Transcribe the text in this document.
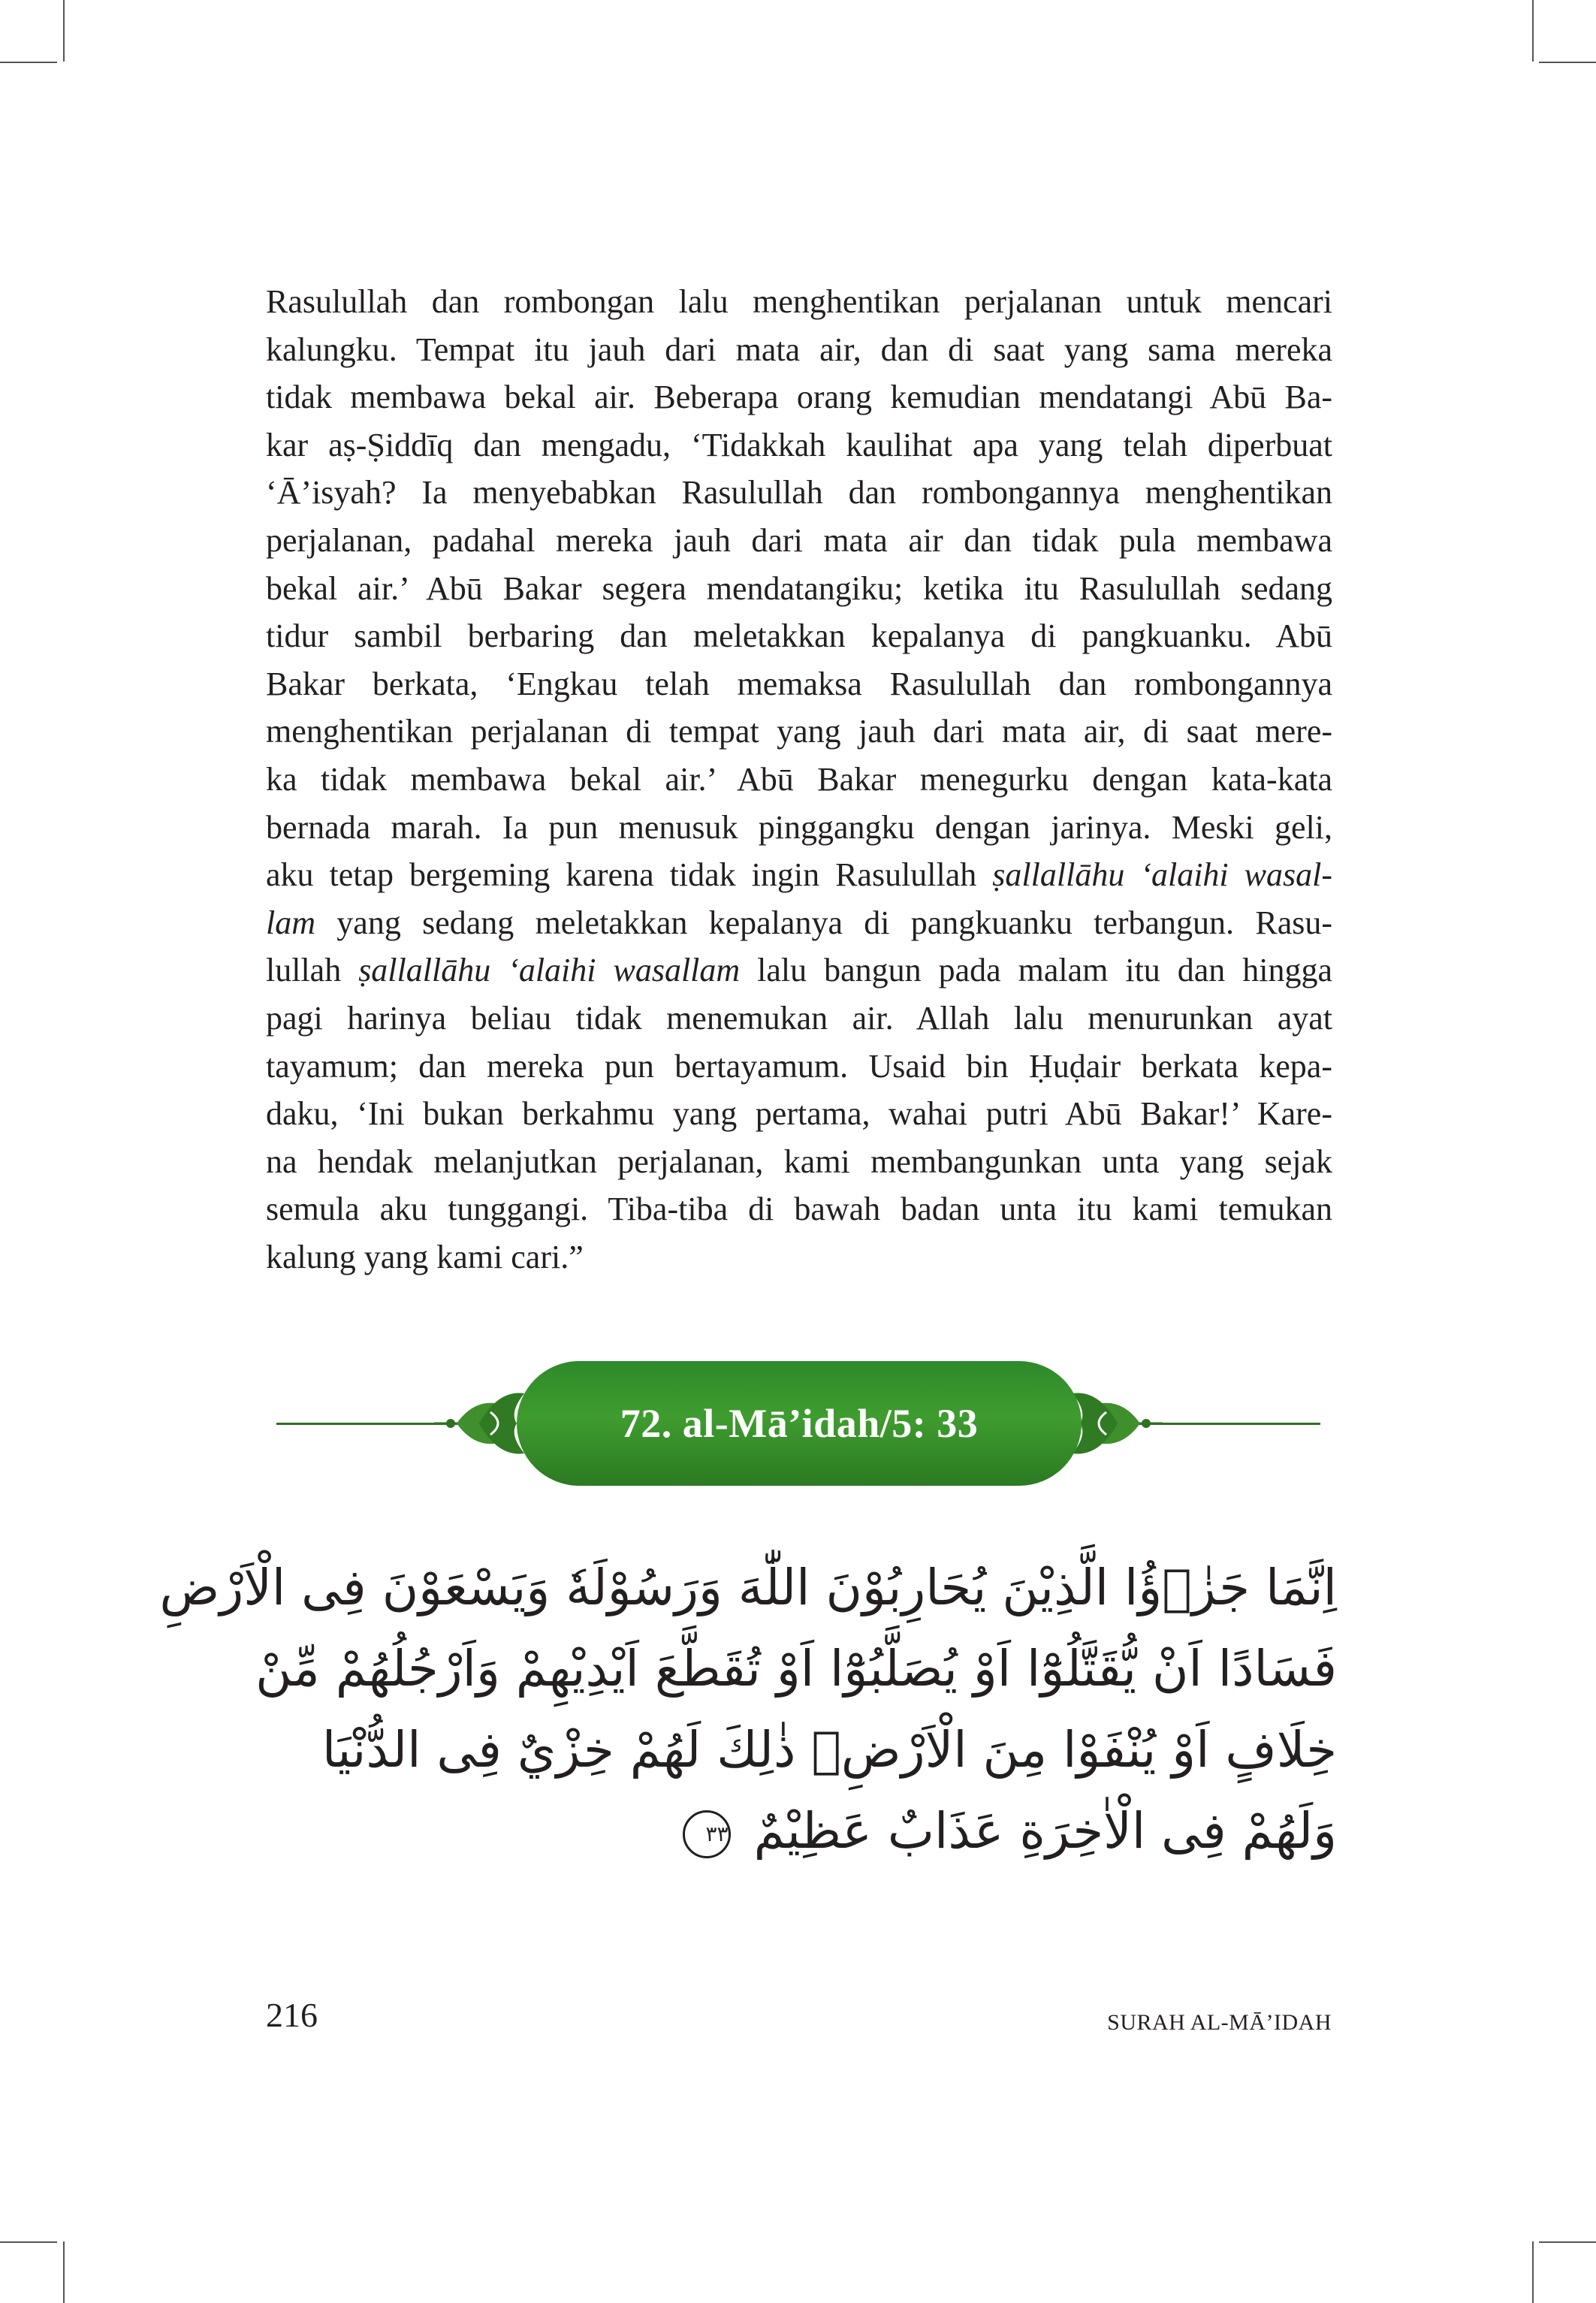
Rasulullah dan rombongan lalu menghentikan perjalanan untuk mencari
kalungku. Tempat itu jauh dari mata air, dan di saat yang sama mereka
tidak membawa bekal air. Beberapa orang kemudian mendatangi Abū Ba-
kar aṣ-Ṣiddīq dan mengadu, ‘Tidakkah kaulihat apa yang telah diperbuat
‘Ā’isyah? Ia menyebabkan Rasulullah dan rombongannya menghentikan
perjalanan, padahal mereka jauh dari mata air dan tidak pula membawa
bekal air.’ Abū Bakar segera mendatangiku; ketika itu Rasulullah sedang
tidur sambil berbaring dan meletakkan kepalanya di pangkuanku. Abū
Bakar berkata, ‘Engkau telah memaksa Rasulullah dan rombongannya
menghentikan perjalanan di tempat yang jauh dari mata air, di saat mere-
ka tidak membawa bekal air.’ Abū Bakar menegurku dengan kata-kata
bernada marah. Ia pun menusuk pinggangku dengan jarinya. Meski geli,
aku tetap bergeming karena tidak ingin Rasulullah ṣallallāhu ‘alaihi wasal-
lam yang sedang meletakkan kepalanya di pangkuanku terbangun. Rasu-
lullah ṣallallāhu ‘alaihi wasallam lalu bangun pada malam itu dan hingga
pagi harinya beliau tidak menemukan air. Allah lalu menurunkan ayat
tayamum; dan mereka pun bertayamum. Usaid bin Ḥuḍair berkata kepa-
daku, ‘Ini bukan berkahmu yang pertama, wahai putri Abū Bakar!’ Kare-
na hendak melanjutkan perjalanan, kami membangunkan unta yang sejak
semula aku tunggangi. Tiba-tiba di bawah badan unta itu kami temukan
kalung yang kami cari.”
72. al-Mā’idah/5: 33
اِنَّمَا جَزٰۤؤُا الَّذِيْنَ يُحَارِبُوْنَ اللّٰهَ وَرَسُوْلَهٗ وَيَسْعَوْنَ فِى الْاَرْضِ
فَسَادًا اَنْ يُّقَتَّلُوْٓا اَوْ يُصَلَّبُوْٓا اَوْ تُقَطَّعَ اَيْدِيْهِمْ وَاَرْجُلُهُمْ مِّنْ
خِلَافٍ اَوْ يُنْفَوْا مِنَ الْاَرْضِۗ ذٰلِكَ لَهُمْ خِزْيٌ فِى الدُّنْيَا
وَلَهُمْ فِى الْاٰخِرَةِ عَذَابٌ عَظِيْمٌ ٣٣
216	SURAH AL-MĀ’IDAH
